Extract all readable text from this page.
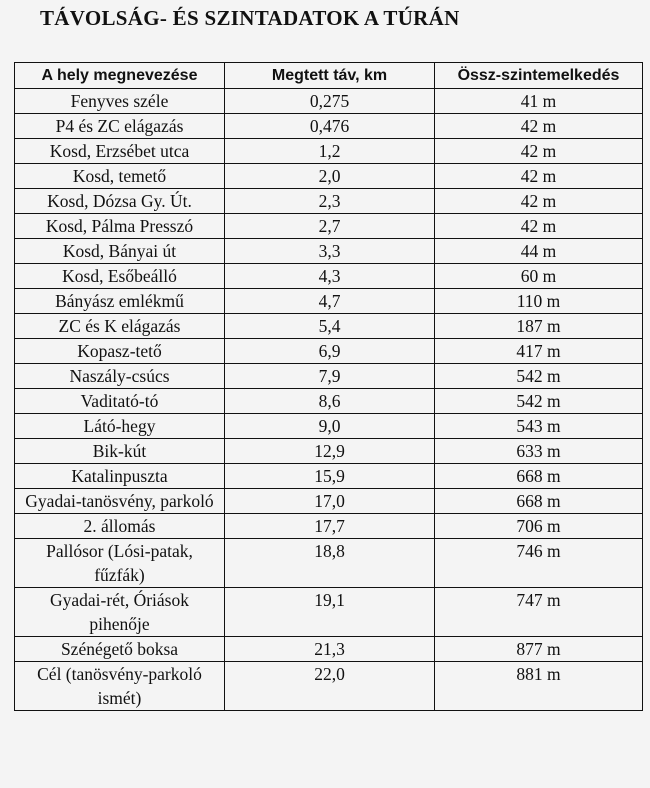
TÁVOLSÁG- ÉS SZINTADATOK A TÚRÁN
A hely megnevezése	Megtett táv, km	Össz-szintemelkedés
Fenyves széle	0,275	41 m
P4 és ZC elágazás	0,476	42 m
Kosd, Erzsébet utca	1,2	42 m
Kosd, temető	2,0	42 m
Kosd, Dózsa Gy. Út.	2,3	42 m
Kosd, Pálma Presszó	2,7	42 m
Kosd, Bányai út	3,3	44 m
Kosd, Esőbeálló	4,3	60 m
Bányász emlékmű	4,7	110 m
ZC és K elágazás	5,4	187 m
Kopasz-tető	6,9	417 m
Naszály-csúcs	7,9	542 m
Vaditató-tó	8,6	542 m
Látó-hegy	9,0	543 m
Bik-kút	12,9	633 m
Katalinpuszta	15,9	668 m
Gyadai-tanösvény, parkoló	17,0	668 m
2. állomás	17,7	706 m
Pallósor (Lósi-patak, fűzfák)	18,8	746 m
Gyadai-rét, Óriások pihenője	19,1	747 m
Szénégető boksa	21,3	877 m
Cél (tanösvény-parkoló ismét)	22,0	881 m
